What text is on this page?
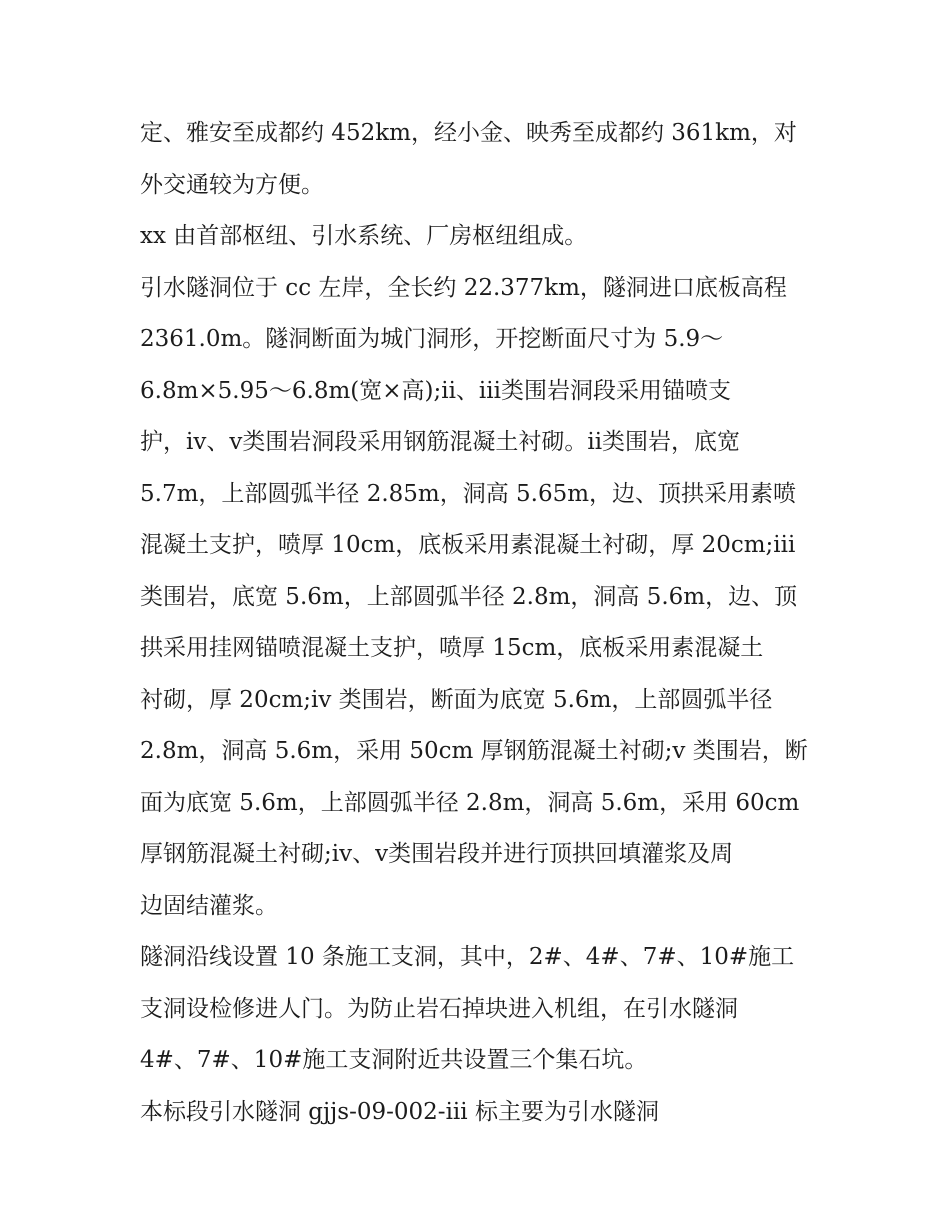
定、雅安至成都约 452km，经小金、映秀至成都约 361km，对
外交通较为方便。
xx 由首部枢纽、引水系统、厂房枢纽组成。
引水隧洞位于 cc 左岸，全长约 22.377km，隧洞进口底板高程
2361.0m。隧洞断面为城门洞形，开挖断面尺寸为 5.9～
6.8m×5.95～6.8m(宽×高);ii、iii类围岩洞段采用锚喷支
护，iv、v类围岩洞段采用钢筋混凝土衬砌。ii类围岩，底宽
5.7m，上部圆弧半径 2.85m，洞高 5.65m，边、顶拱采用素喷
混凝土支护，喷厚 10cm，底板采用素混凝土衬砌，厚 20cm;iii
类围岩，底宽 5.6m，上部圆弧半径 2.8m，洞高 5.6m，边、顶
拱采用挂网锚喷混凝土支护，喷厚 15cm，底板采用素混凝土
衬砌，厚 20cm;iv 类围岩，断面为底宽 5.6m，上部圆弧半径
2.8m，洞高 5.6m，采用 50cm 厚钢筋混凝土衬砌;v 类围岩，断
面为底宽 5.6m，上部圆弧半径 2.8m，洞高 5.6m，采用 60cm
厚钢筋混凝土衬砌;iv、v类围岩段并进行顶拱回填灌浆及周
边固结灌浆。
隧洞沿线设置 10 条施工支洞，其中，2#、4#、7#、10#施工
支洞设检修进人门。为防止岩石掉块进入机组，在引水隧洞
4#、7#、10#施工支洞附近共设置三个集石坑。
本标段引水隧洞 gjjs-09-002-iii 标主要为引水隧洞
